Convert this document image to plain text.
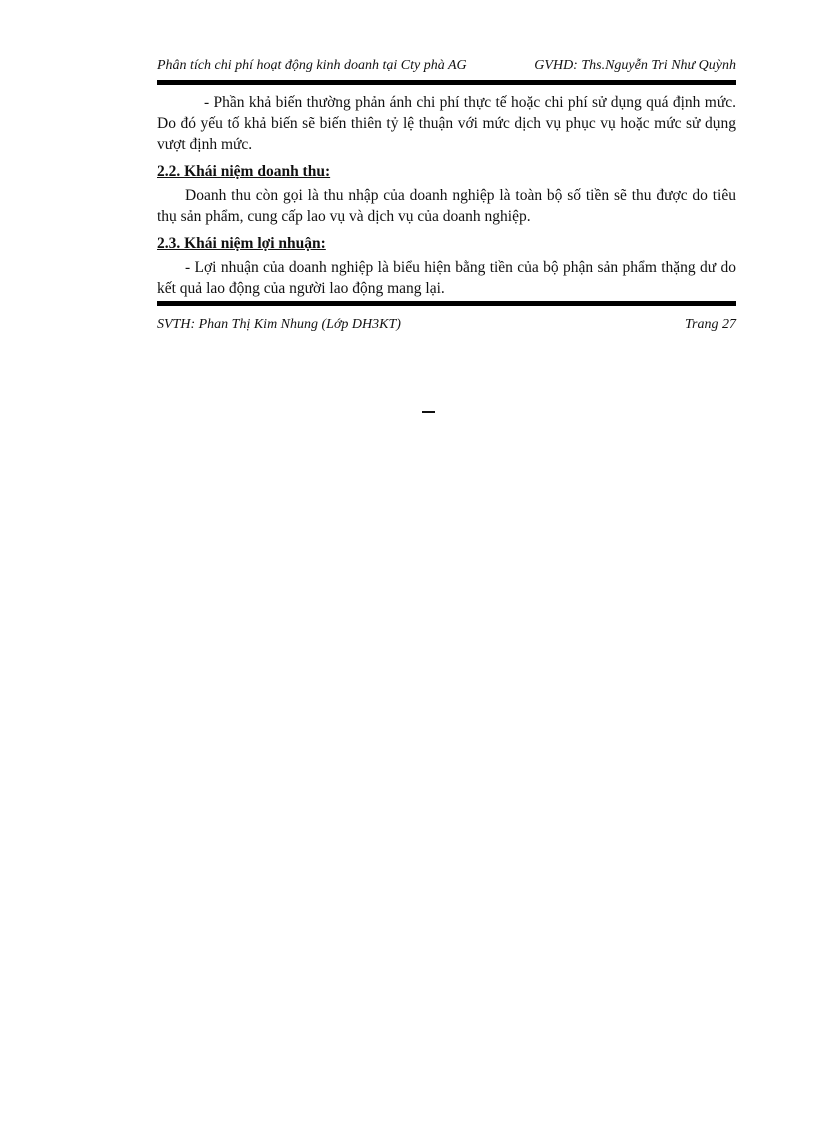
Phân tích chi phí hoạt động kinh doanh tại Cty phà AG	GVHD: Ths.Nguyễn Tri Như Quỳnh

- Phần khả biến thường phản ánh chi phí thực tế hoặc chi phí sử dụng quá định mức. Do đó yếu tố khả biến sẽ biến thiên tỷ lệ thuận với mức dịch vụ phục vụ hoặc mức sử dụng vượt định mức.

2.2. Khái niệm doanh thu:

Doanh thu còn gọi là thu nhập của doanh nghiệp là toàn bộ số tiền sẽ thu được do tiêu thụ sản phẩm, cung cấp lao vụ và dịch vụ của doanh nghiệp.

2.3. Khái niệm lợi nhuận:

- Lợi nhuận của doanh nghiệp là biểu hiện bằng tiền của bộ phận sản phẩm thặng dư do kết quả lao động của người lao động mang lại.

SVTH: Phan Thị Kim Nhung (Lớp DH3KT)	Trang 27
